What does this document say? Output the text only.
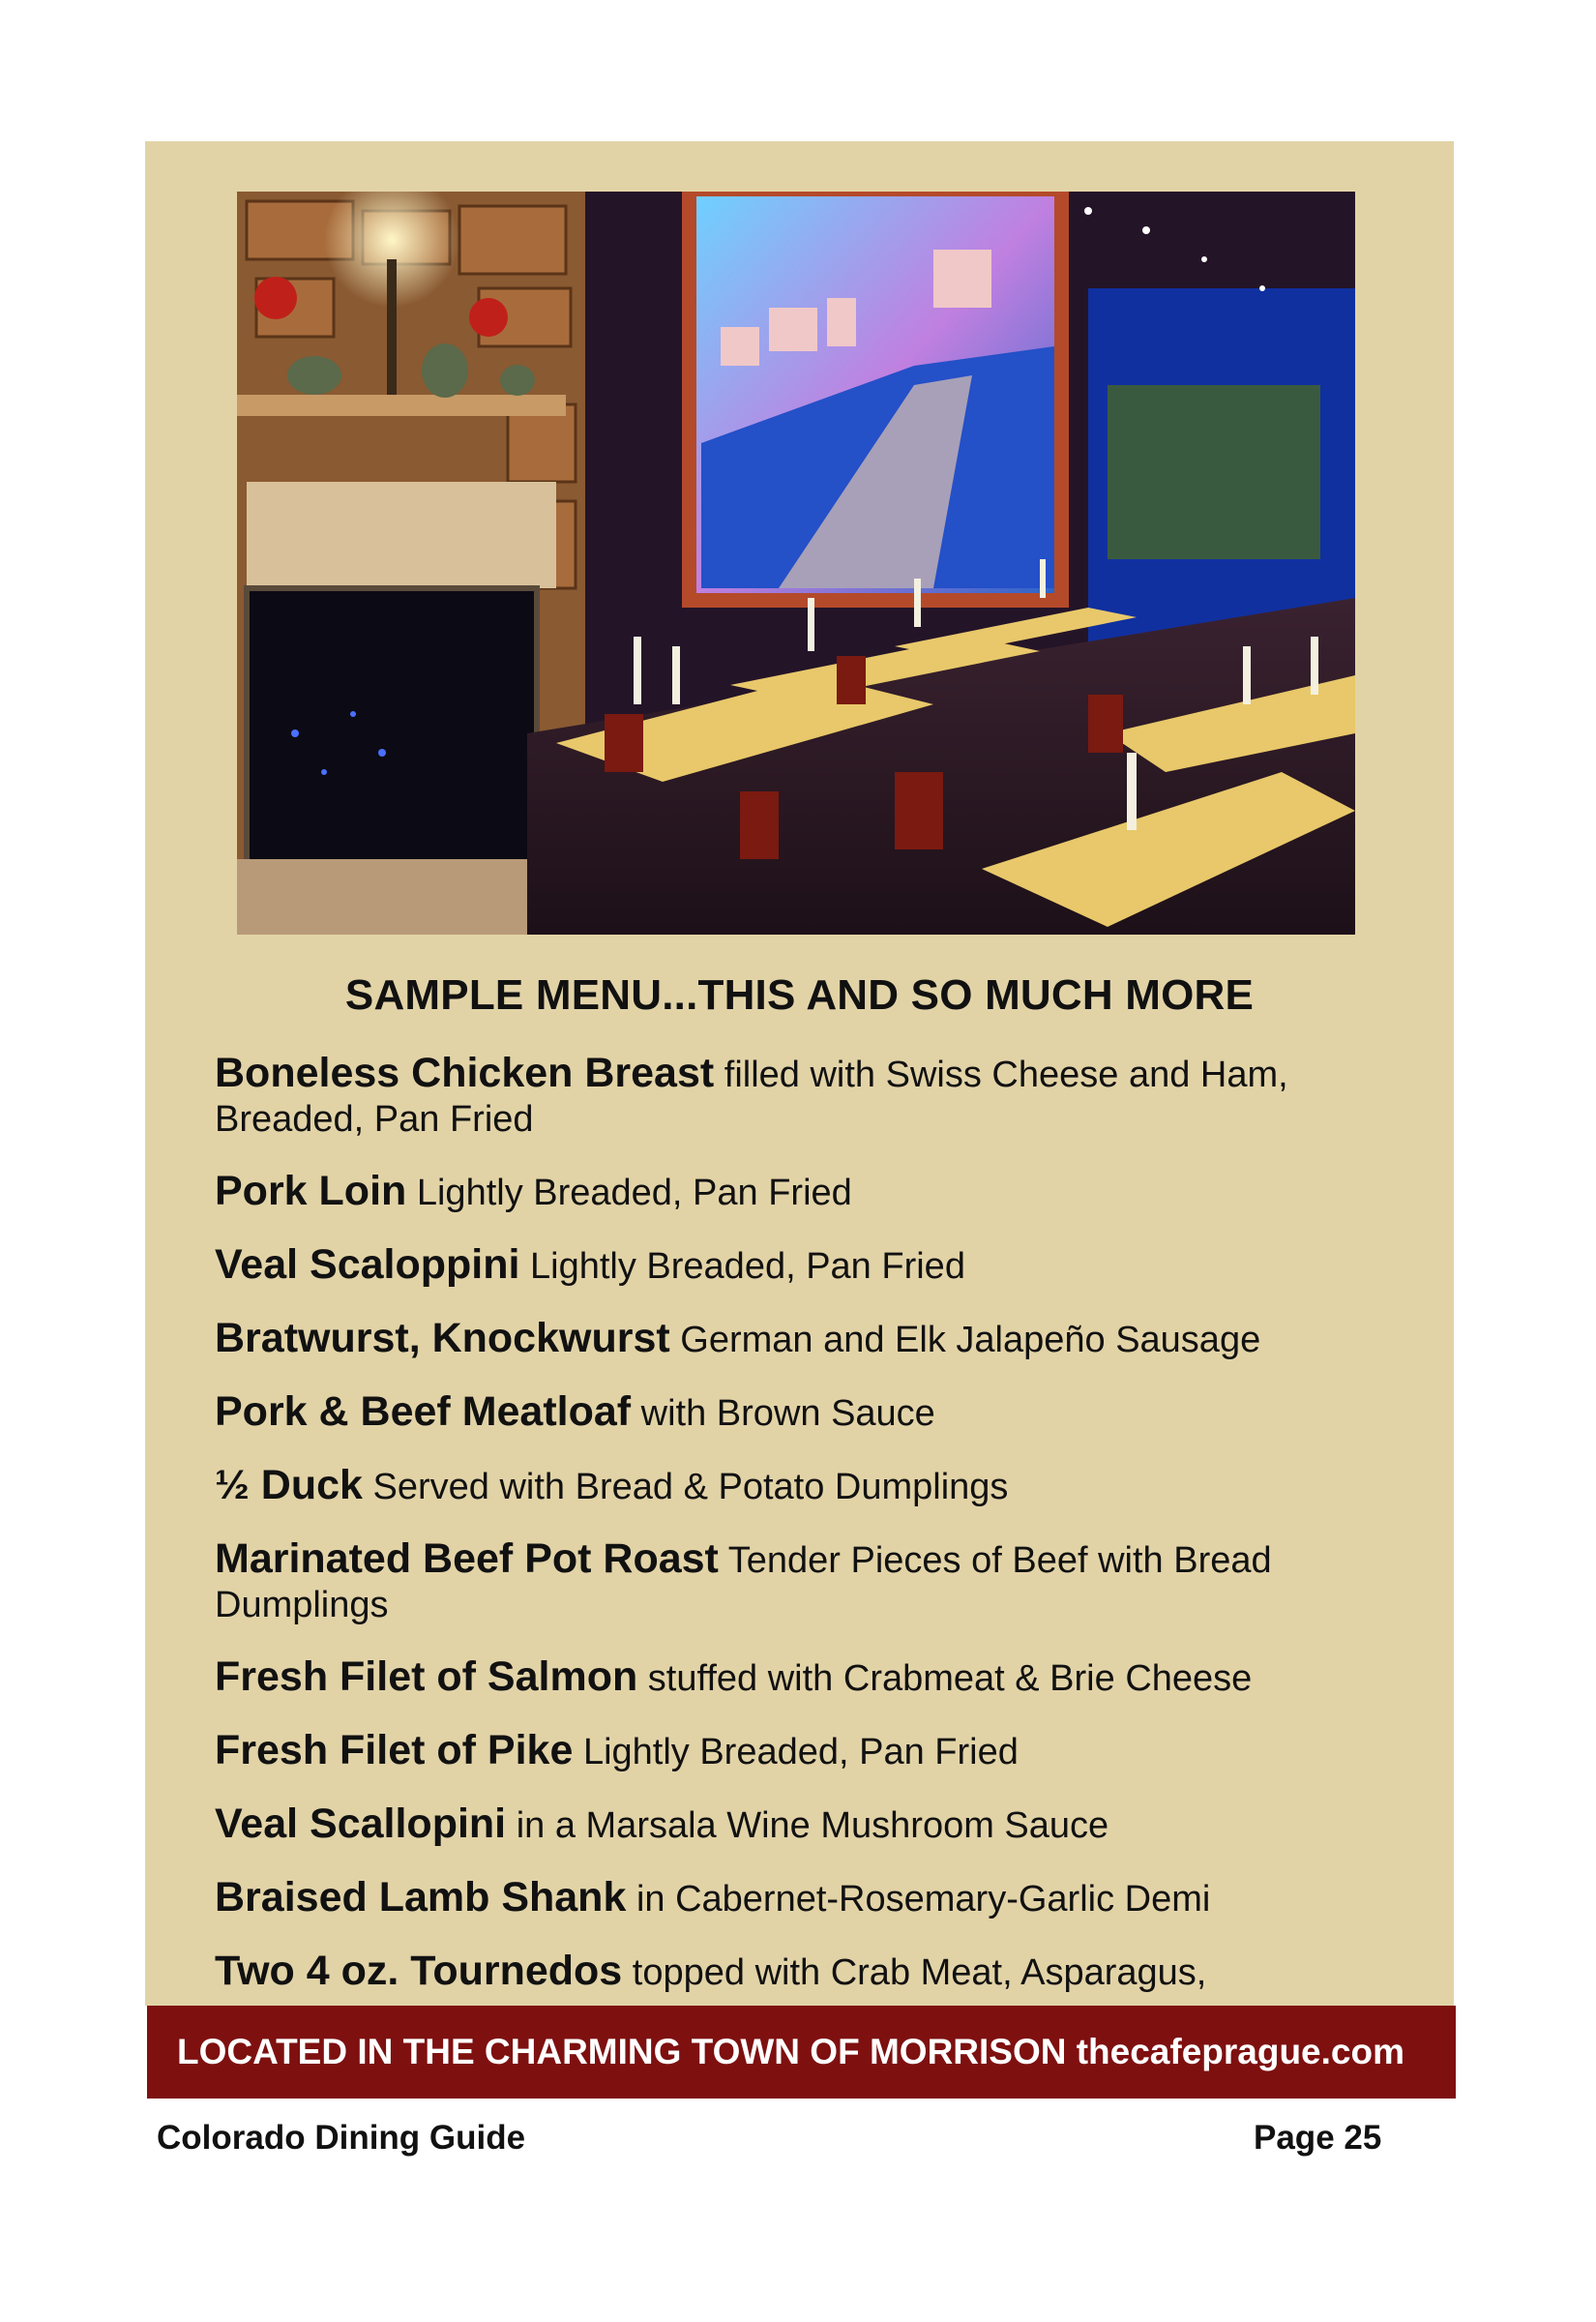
SAMPLE MENU...THIS AND SO MUCH MORE
Boneless Chicken Breast filled with Swiss Cheese and Ham, Breaded, Pan Fried
Pork Loin Lightly Breaded, Pan Fried
Veal Scaloppini Lightly Breaded, Pan Fried
Bratwurst, Knockwurst German and Elk Jalapeño Sausage
Pork & Beef Meatloaf with Brown Sauce
½ Duck Served with Bread & Potato Dumplings
Marinated Beef Pot Roast Tender Pieces of Beef with Bread Dumplings
Fresh Filet of Salmon stuffed with Crabmeat & Brie Cheese
Fresh Filet of Pike Lightly Breaded, Pan Fried
Veal Scallopini in a Marsala Wine Mushroom Sauce
Braised Lamb Shank in Cabernet-Rosemary-Garlic Demi
Two 4 oz. Tournedos topped with Crab Meat, Asparagus,
LOCATED IN THE CHARMING TOWN OF MORRISON thecafeprague.com
Colorado Dining Guide	Page 25
